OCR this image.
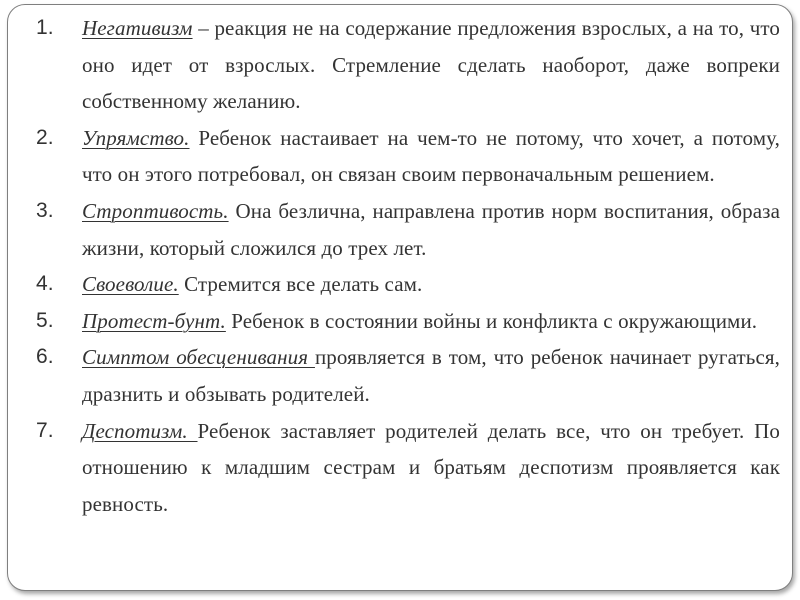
1. Негативизм – реакция не на содержание предложения взрослых, а на то, что оно идет от взрослых. Стремление сделать наоборот, даже вопреки собственному желанию.
2. Упрямство. Ребенок настаивает на чем-то не потому, что хочет, а потому, что он этого потребовал, он связан своим первоначальным решением.
3. Строптивость. Она безлична, направлена против норм воспитания, образа жизни, который сложился до трех лет.
4. Своеволие. Стремится все делать сам.
5. Протест-бунт. Ребенок в состоянии войны и конфликта с окружающими.
6. Симптом обесценивания проявляется в том, что ребенок начинает ругаться, дразнить и обзывать родителей.
7. Деспотизм. Ребенок заставляет родителей делать все, что он требует. По отношению к младшим сестрам и братьям деспотизм проявляется как ревность.
